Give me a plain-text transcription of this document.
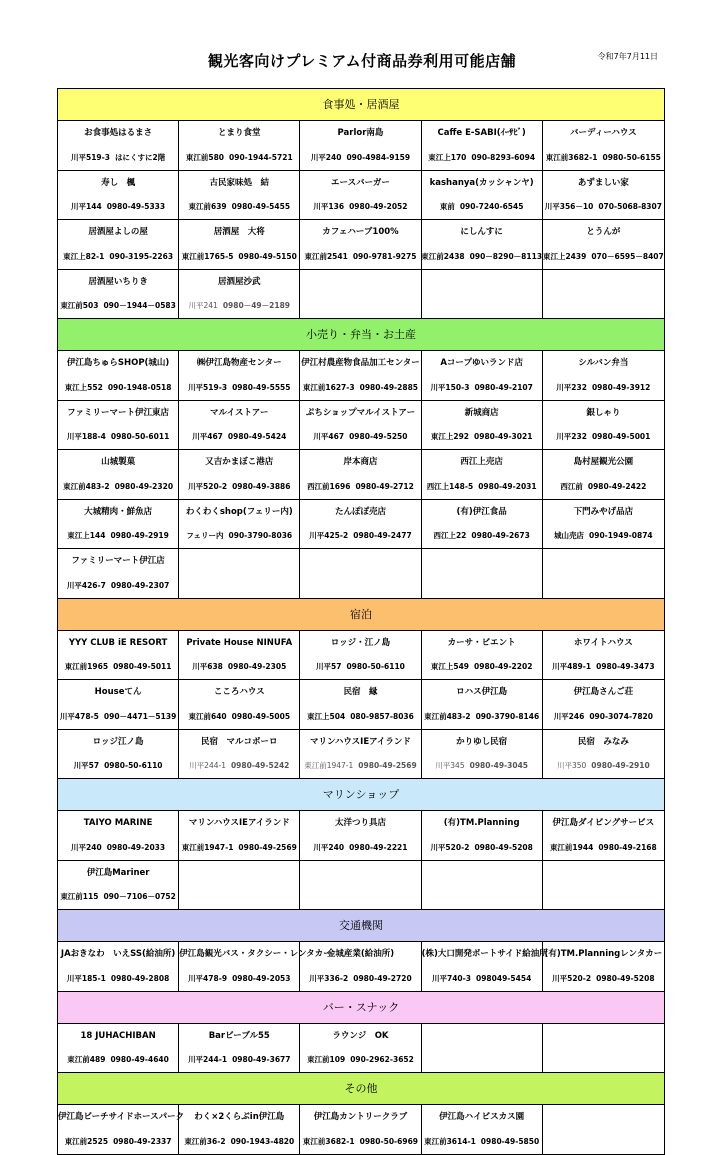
観光客向けプレミアム付商品券利用可能店舗	令和7年7月11日
食事処・居酒屋
お食事処はるまさ
川平519-3 はにくすに2階
とまり食堂
東江前580 090-1944-5721
Parlor南島
川平240 090-4984-9159
Caffe E-SABI(ｲｰｻﾋﾞ)
東江上170 090-8293-6094
バーディーハウス
東江前3682-1 0980-50-6155
寿し　楓
川平144 0980-49-5333
古民家味処　結
東江前639 0980-49-5455
エースバーガー
川平136 0980-49-2052
kashanya(カッシャンヤ)
東前 090-7240-6545
あずましい家
川平356－10 070-5068-8307
居酒屋よしの屋
東江上82-1 090-3195-2263
居酒屋　大将
東江前1765-5 0980-49-5150
カフェハーブ100%
東江前2541 090-9781-9275
にしんすに
東江前2438 090－8290－8113
とうんが
東江上2439 070－6595－8407
居酒屋いちりき
東江前503 090－1944－0583
居酒屋沙武
川平241 0980－49－2189
小売り・弁当・お土産
伊江島ちゅらSHOP(城山)
東江上552 090-1948-0518
㈱伊江島物産センター
川平519-3 0980-49-5555
伊江村農産物食品加工センター
東江前1627-3 0980-49-2885
Aコープゆいランド店
川平150-3 0980-49-2107
シルバン弁当
川平232 0980-49-3912
ファミリーマート伊江東店
川平188-4 0980-50-6011
マルイストアー
川平467 0980-49-5424
ぷちショップマルイストアー
川平467 0980-49-5250
新城商店
東江上292 0980-49-3021
銀しゃり
川平232 0980-49-5001
山城製菓
東江前483-2 0980-49-2320
又吉かまぼこ港店
川平520-2 0980-49-3886
岸本商店
西江前1696 0980-49-2712
西江上売店
西江上148-5 0980-49-2031
島村屋観光公園
西江前 0980-49-2422
大城精肉・鮮魚店
東江上144 0980-49-2919
わくわくshop(フェリー内)
フェリー内 090-3790-8036
たんぽぽ売店
川平425-2 0980-49-2477
(有)伊江食品
西江上22 0980-49-2673
下門みやげ品店
城山売店 090-1949-0874
ファミリーマート伊江店
川平426-7 0980-49-2307
宿泊
YYY CLUB iE RESORT
東江前1965 0980-49-5011
Private House NINUFA
川平638 0980-49-2305
ロッジ・江ノ島
川平57 0980-50-6110
カーサ・ビエント
東江上549 0980-49-2202
ホワイトハウス
川平489-1 0980-49-3473
Houseてん
川平478-5 090－4471－5139
こころハウス
東江前640 0980-49-5005
民宿　縁
東江上504 080-9857-8036
ロハス伊江島
東江前483-2 090-3790-8146
伊江島さんご荘
川平246 090-3074-7820
ロッジ江ノ島
川平57 0980-50-6110
民宿　マルコポーロ
川平244-1 0980-49-5242
マリンハウスIEアイランド
東江前1947-1 0980-49-2569
かりゆし民宿
川平345 0980-49-3045
民宿　みなみ
川平350 0980-49-2910
マリンショップ
TAIYO MARINE
川平240 0980-49-2033
マリンハウスIEアイランド
東江前1947-1 0980-49-2569
太洋つり具店
川平240 0980-49-2221
(有)TM.Planning
川平520-2 0980-49-5208
伊江島ダイビングサービス
東江前1944 0980-49-2168
伊江島Mariner
東江前115 090－7106－0752
交通機関
JAおきなわ　いえSS(給油所)
川平185-1 0980-49-2808
伊江島観光バス・タクシー・レンタカー
川平478-9 0980-49-2053
金城産業(給油所)
川平336-2 0980-49-2720
(株)大口開発ポートサイド給油所
川平740-3 098049-5454
(有)TM.Planningレンタカー
川平520-2 0980-49-5208
バー・スナック
18 JUHACHIBAN
東江前489 0980-49-4640
Barビーブル55
川平244-1 0980-49-3677
ラウンジ　OK
東江前109 090-2962-3652
その他
伊江島ビーチサイドホースパーク
東江前2525 0980-49-2337
わく×2くらぶin伊江島
東江前36-2 090-1943-4820
伊江島カントリークラブ
東江前3682-1 0980-50-6969
伊江島ハイビスカス園
東江前3614-1 0980-49-5850
